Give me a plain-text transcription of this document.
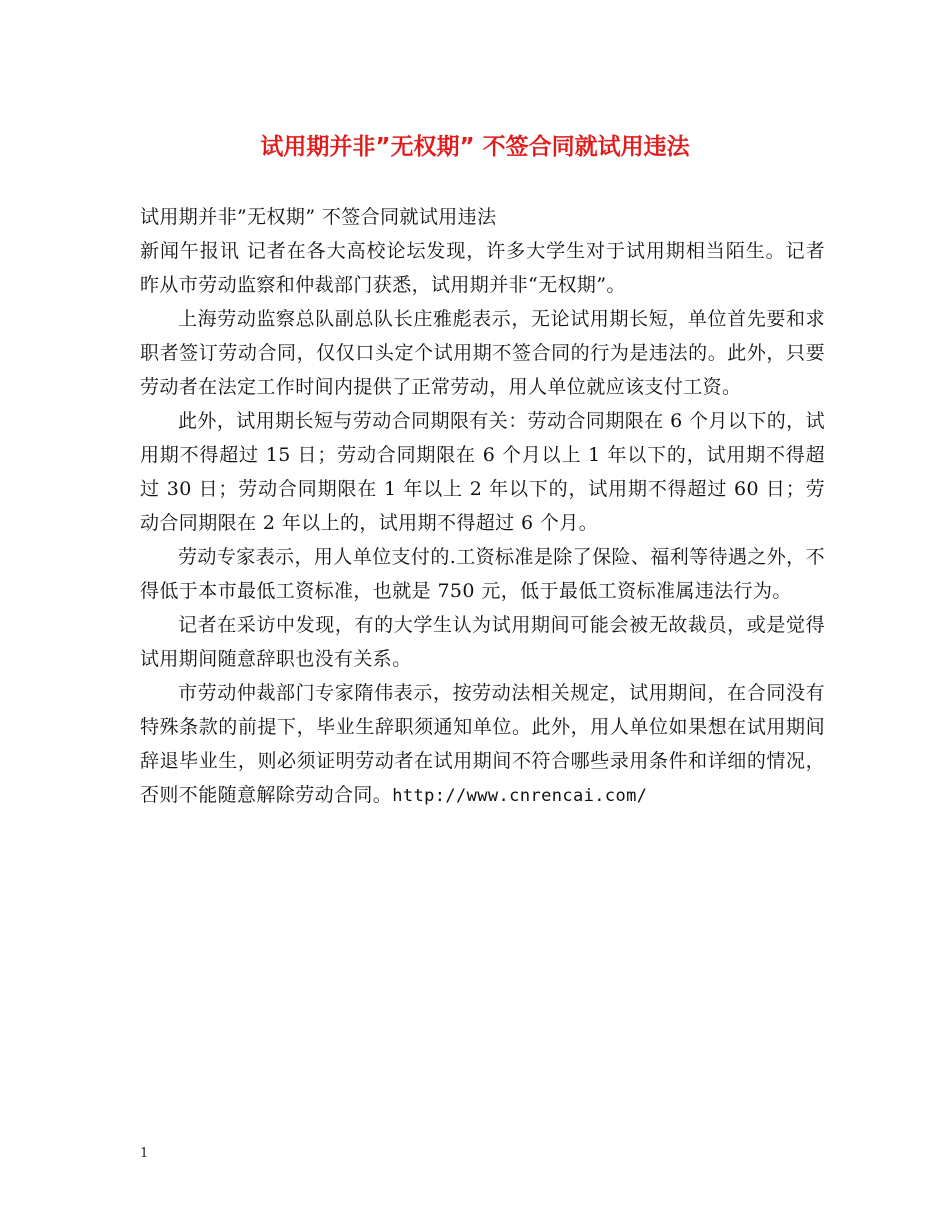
试用期并非”无权期” 不签合同就试用违法

试用期并非”无权期” 不签合同就试用违法

新闻午报讯 记者在各大高校论坛发现，许多大学生对于试用期相当陌生。记者昨从市劳动监察和仲裁部门获悉，试用期并非“无权期”。

上海劳动监察总队副总队长庄雅彪表示，无论试用期长短，单位首先要和求职者签订劳动合同，仅仅口头定个试用期不签合同的行为是违法的。此外，只要劳动者在法定工作时间内提供了正常劳动，用人单位就应该支付工资。

此外，试用期长短与劳动合同期限有关：劳动合同期限在 6 个月以下的，试用期不得超过 15 日；劳动合同期限在 6 个月以上 1 年以下的，试用期不得超过 30 日；劳动合同期限在 1 年以上 2 年以下的，试用期不得超过 60 日；劳动合同期限在 2 年以上的，试用期不得超过 6 个月。

劳动专家表示，用人单位支付的.工资标准是除了保险、福利等待遇之外，不得低于本市最低工资标准，也就是 750 元，低于最低工资标准属违法行为。

记者在采访中发现，有的大学生认为试用期间可能会被无故裁员，或是觉得试用期间随意辞职也没有关系。

市劳动仲裁部门专家隋伟表示，按劳动法相关规定，试用期间，在合同没有特殊条款的前提下，毕业生辞职须通知单位。此外，用人单位如果想在试用期间辞退毕业生，则必须证明劳动者在试用期间不符合哪些录用条件和详细的情况，否则不能随意解除劳动合同。http://www.cnrencai.com/

1
